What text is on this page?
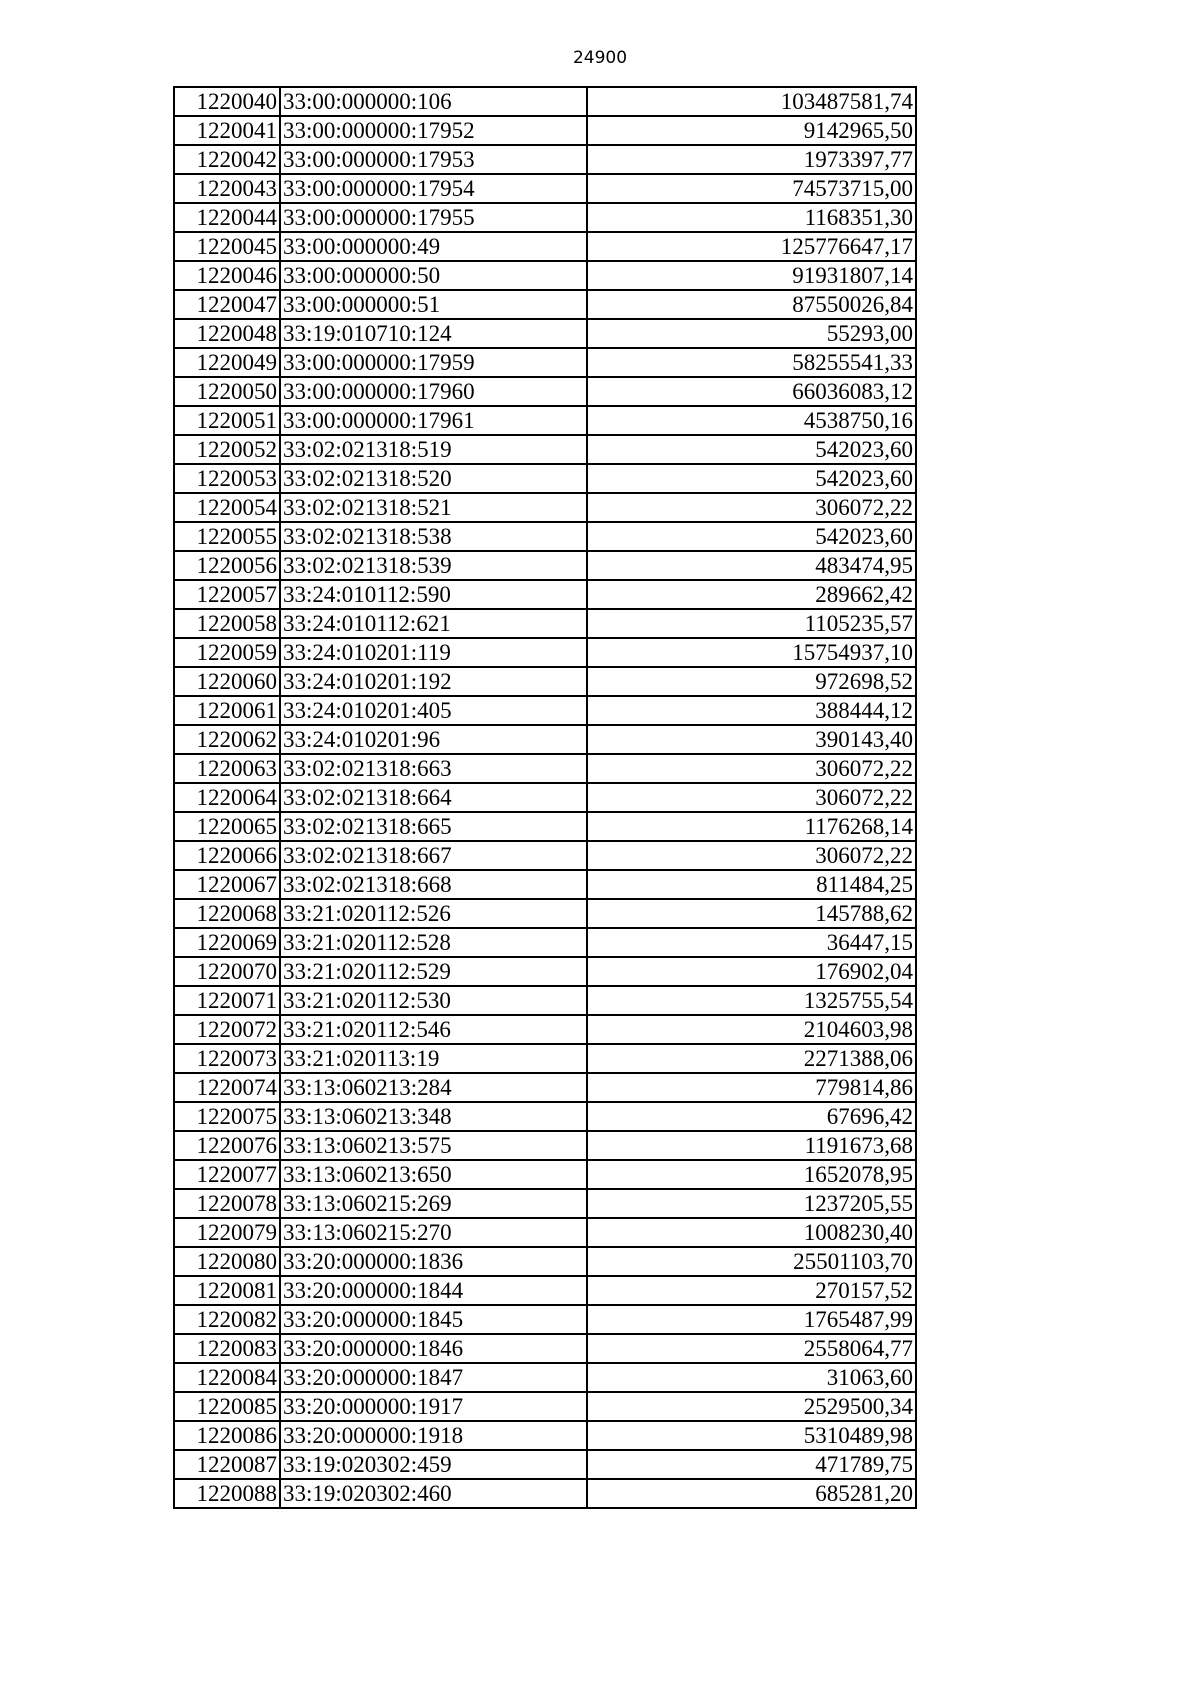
24900
1220040	33:00:000000:106	103487581,74
1220041	33:00:000000:17952	9142965,50
1220042	33:00:000000:17953	1973397,77
1220043	33:00:000000:17954	74573715,00
1220044	33:00:000000:17955	1168351,30
1220045	33:00:000000:49	125776647,17
1220046	33:00:000000:50	91931807,14
1220047	33:00:000000:51	87550026,84
1220048	33:19:010710:124	55293,00
1220049	33:00:000000:17959	58255541,33
1220050	33:00:000000:17960	66036083,12
1220051	33:00:000000:17961	4538750,16
1220052	33:02:021318:519	542023,60
1220053	33:02:021318:520	542023,60
1220054	33:02:021318:521	306072,22
1220055	33:02:021318:538	542023,60
1220056	33:02:021318:539	483474,95
1220057	33:24:010112:590	289662,42
1220058	33:24:010112:621	1105235,57
1220059	33:24:010201:119	15754937,10
1220060	33:24:010201:192	972698,52
1220061	33:24:010201:405	388444,12
1220062	33:24:010201:96	390143,40
1220063	33:02:021318:663	306072,22
1220064	33:02:021318:664	306072,22
1220065	33:02:021318:665	1176268,14
1220066	33:02:021318:667	306072,22
1220067	33:02:021318:668	811484,25
1220068	33:21:020112:526	145788,62
1220069	33:21:020112:528	36447,15
1220070	33:21:020112:529	176902,04
1220071	33:21:020112:530	1325755,54
1220072	33:21:020112:546	2104603,98
1220073	33:21:020113:19	2271388,06
1220074	33:13:060213:284	779814,86
1220075	33:13:060213:348	67696,42
1220076	33:13:060213:575	1191673,68
1220077	33:13:060213:650	1652078,95
1220078	33:13:060215:269	1237205,55
1220079	33:13:060215:270	1008230,40
1220080	33:20:000000:1836	25501103,70
1220081	33:20:000000:1844	270157,52
1220082	33:20:000000:1845	1765487,99
1220083	33:20:000000:1846	2558064,77
1220084	33:20:000000:1847	31063,60
1220085	33:20:000000:1917	2529500,34
1220086	33:20:000000:1918	5310489,98
1220087	33:19:020302:459	471789,75
1220088	33:19:020302:460	685281,20
